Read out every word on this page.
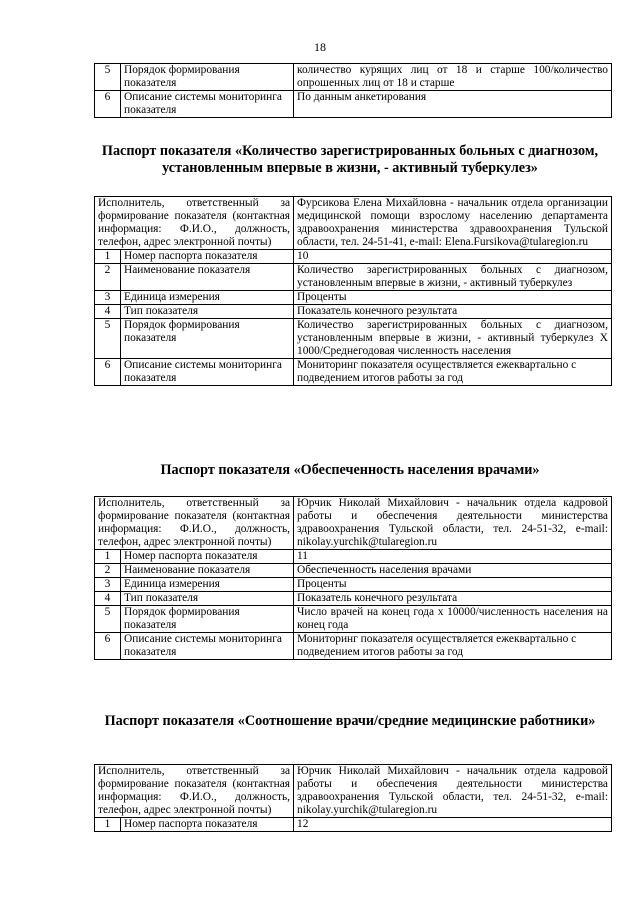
18
5	Порядок формирования показателя	количество курящих лиц от 18 и старше 100/количество опрошенных лиц от 18 и старше
6	Описание системы мониторинга показателя	По данным анкетирования
Паспорт показателя «Количество зарегистрированных больных с диагнозом, установленным впервые в жизни, - активный туберкулез»
Исполнитель, ответственный за формирование показателя (контактная информация: Ф.И.О., должность, телефон, адрес электронной почты)		Фурсикова Елена Михайловна - начальник отдела организации медицинской помощи взрослому населению департамента здравоохранения министерства здравоохранения Тульской области, тел. 24-51-41, e-mail: Elena.Fursikova@tularegion.ru
1	Номер паспорта показателя	10
2	Наименование показателя	Количество зарегистрированных больных с диагнозом, установленным впервые в жизни, - активный туберкулез
3	Единица измерения	Проценты
4	Тип показателя	Показатель конечного результата
5	Порядок формирования показателя	Количество зарегистрированных больных с диагнозом, установленным впервые в жизни, - активный туберкулез X 1000/Среднегодовая численность населения
6	Описание системы мониторинга показателя	Мониторинг показателя осуществляется ежеквартально с подведением итогов работы за год
Паспорт показателя «Обеспеченность населения врачами»
Исполнитель, ответственный за формирование показателя (контактная информация: Ф.И.О., должность, телефон, адрес электронной почты)		Юрчик Николай Михайлович - начальник отдела кадровой работы и обеспечения деятельности министерства здравоохранения Тульской области, тел. 24-51-32, e-mail: nikolay.yurchik@tularegion.ru
1	Номер паспорта показателя	11
2	Наименование показателя	Обеспеченность населения врачами
3	Единица измерения	Проценты
4	Тип показателя	Показатель конечного результата
5	Порядок формирования показателя	Число врачей на конец года x 10000/численность населения на конец года
6	Описание системы мониторинга показателя	Мониторинг показателя осуществляется ежеквартально с подведением итогов работы за год
Паспорт показателя «Соотношение врачи/средние медицинские работники»
Исполнитель, ответственный за формирование показателя (контактная информация: Ф.И.О., должность, телефон, адрес электронной почты)		Юрчик Николай Михайлович - начальник отдела кадровой работы и обеспечения деятельности министерства здравоохранения Тульской области, тел. 24-51-32, e-mail: nikolay.yurchik@tularegion.ru
1	Номер паспорта показателя	12
